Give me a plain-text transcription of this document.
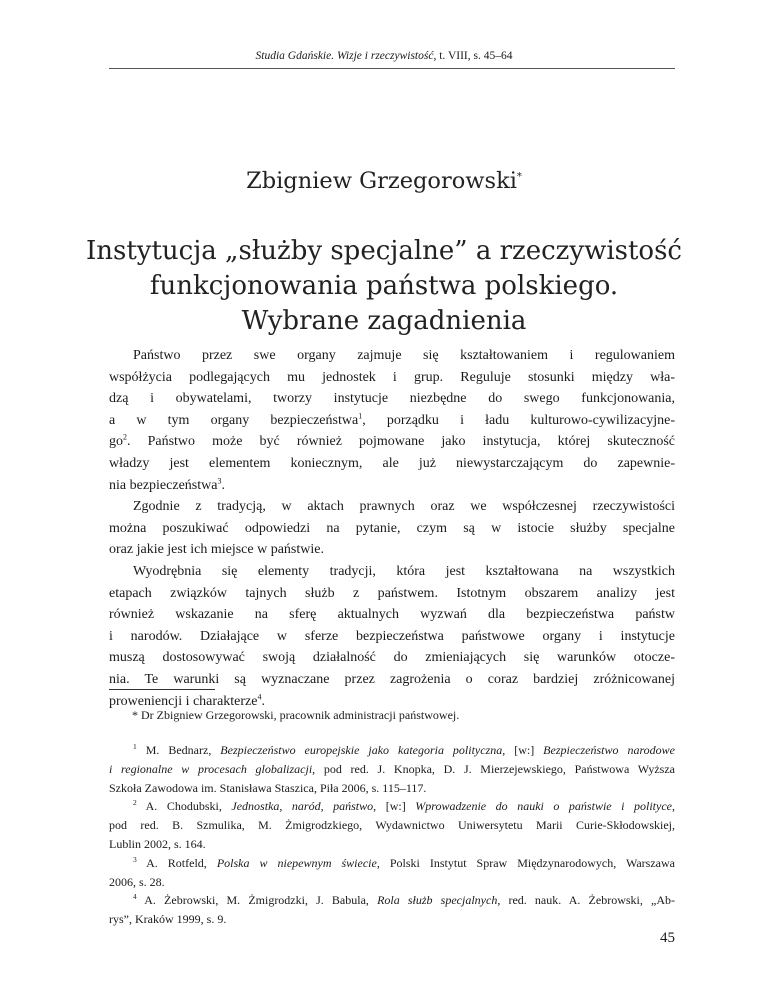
Studia Gdańskie. Wizje i rzeczywistość, t. VIII, s. 45–64
Zbigniew Grzegorowski*
Instytucja „służby specjalne” a rzeczywistość
funkcjonowania państwa polskiego.
Wybrane zagadnienia
Państwo przez swe organy zajmuje się kształtowaniem i regulowaniem
współżycia podlegających mu jednostek i grup. Reguluje stosunki między wła-
dzą i obywatelami, tworzy instytucje niezbędne do swego funkcjonowania,
a w tym organy bezpieczeństwa$^1$, porządku i ładu kulturowo-cywilizacyjne-
$go^2$. Państwo może być również pojmowane jako instytucja, której skuteczność
władzy jest elementem koniecznym, ale już niewystarczającym do zapewnie-
nia bezpieczeństwa$^3$.
Zgodnie z tradycją, w aktach prawnych oraz we współczesnej rzeczywistości
można poszukiwać odpowiedzi na pytanie, czym są w istocie służby specjalne
oraz jakie jest ich miejsce w państwie.
Wyodrębnia się elementy tradycji, która jest kształtowana na wszystkich
etapach związków tajnych służb z państwem. Istotnym obszarem analizy jest
również wskazanie na sferę aktualnych wyzwań dla bezpieczeństwa państw
i narodów. Działające w sferze bezpieczeństwa państwowe organy i instytucje
muszą dostosowywać swoją działalność do zmieniających się warunków otocze-
nia. Te warunki są wyznaczane przez zagrożenia o coraz bardziej zróżnicowanej
proweniencji i charakterze$^4$.
* Dr Zbigniew Grzegorowski, pracownik administracji państwowej.
$^1$ M. Bednarz, Bezpieczeństwo europejskie jako kategoria polityczna, [w:] Bezpieczeństwo narodowe
i regionalne w procesach globalizacji, pod red. J. Knopka, D. J. Mierzejewskiego, Państwowa Wyższa
Szkoła Zawodowa im. Stanisława Staszica, Piła 2006, s. 115–117.
$^2$ A. Chodubski, Jednostka, naród, państwo, [w:] Wprowadzenie do nauki o państwie i polityce,
pod red. B. Szmulika, M. Żmigrodzkiego, Wydawnictwo Uniwersytetu Marii Curie-Skłodowskiej,
Lublin 2002, s. 164.
$^3$ A. Rotfeld, Polska w niepewnym świecie, Polski Instytut Spraw Międzynarodowych, Warszawa
2006, s. 28.
$^4$ A. Żebrowski, M. Żmigrodzki, J. Babula, Rola służb specjalnych, red. nauk. A. Żebrowski, „Ab-
rys”, Kraków 1999, s. 9.
45
